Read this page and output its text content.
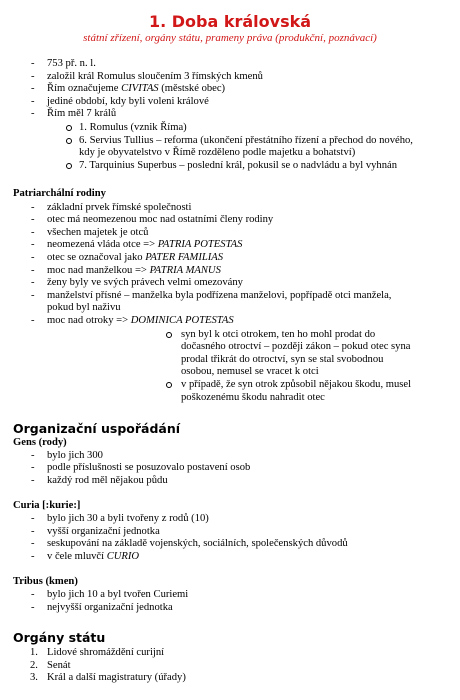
1. Doba královská
státní zřízení, orgány státu, prameny práva (produkční, poznávací)
- 753 př. n. l.
- založil král Romulus sloučením 3 římských kmenů
- Řím označujeme CIVITAS (městské obec)
- jediné období, kdy byli voleni králové
- Řím měl 7 králů
1. Romulus (vznik Říma)
6. Servius Tullius – reforma (ukončení přestátního řízení a přechod do nového, kdy je obyvatelstvo v Římě rozděleno podle majetku a bohatství)
7. Tarquinius Superbus – poslední král, pokusil se o nadvládu a byl vyhnán
Patriarchální rodiny
- základní prvek římské společnosti
- otec má neomezenou moc nad ostatními členy rodiny
- všechen majetek je otců
- neomezená vláda otce => PATRIA POTESTAS
- otec se označoval jako PATER FAMILIAS
- moc nad manželkou => PATRIA MANUS
- ženy byly ve svých právech velmi omezovány
- manželství přísné – manželka byla podřízena manželovi, popřípadě otci manžela, pokud byl naživu
- moc nad otroky => DOMINICA POTESTAS
syn byl k otci otrokem, ten ho mohl prodat do dočasného otroctví – později zákon – pokud otec syna prodal třikrát do otroctví, syn se stal svobodnou osobou, nemusel se vracet k otci
v případě, že syn otrok způsobil nějakou škodu, musel poškozenému škodu nahradit otec
Organizační uspořádání
Gens (rody)
- bylo jich 300
- podle příslušnosti se posuzovalo postavení osob
- každý rod měl nějakou půdu
Curia [:kurie:]
- bylo jich 30 a byli tvořeny z rodů (10)
- vyšší organizační jednotka
- seskupování na základě vojenských, sociálních, společenských důvodů
- v čele mluvčí CURIO
Tribus (kmen)
- bylo jich 10 a byl tvořen Curiemi
- nejvyšší organizační jednotka
Orgány státu
1. Lidové shromáždění curijní
2. Senát
3. Král a další magistratury (úřady)
